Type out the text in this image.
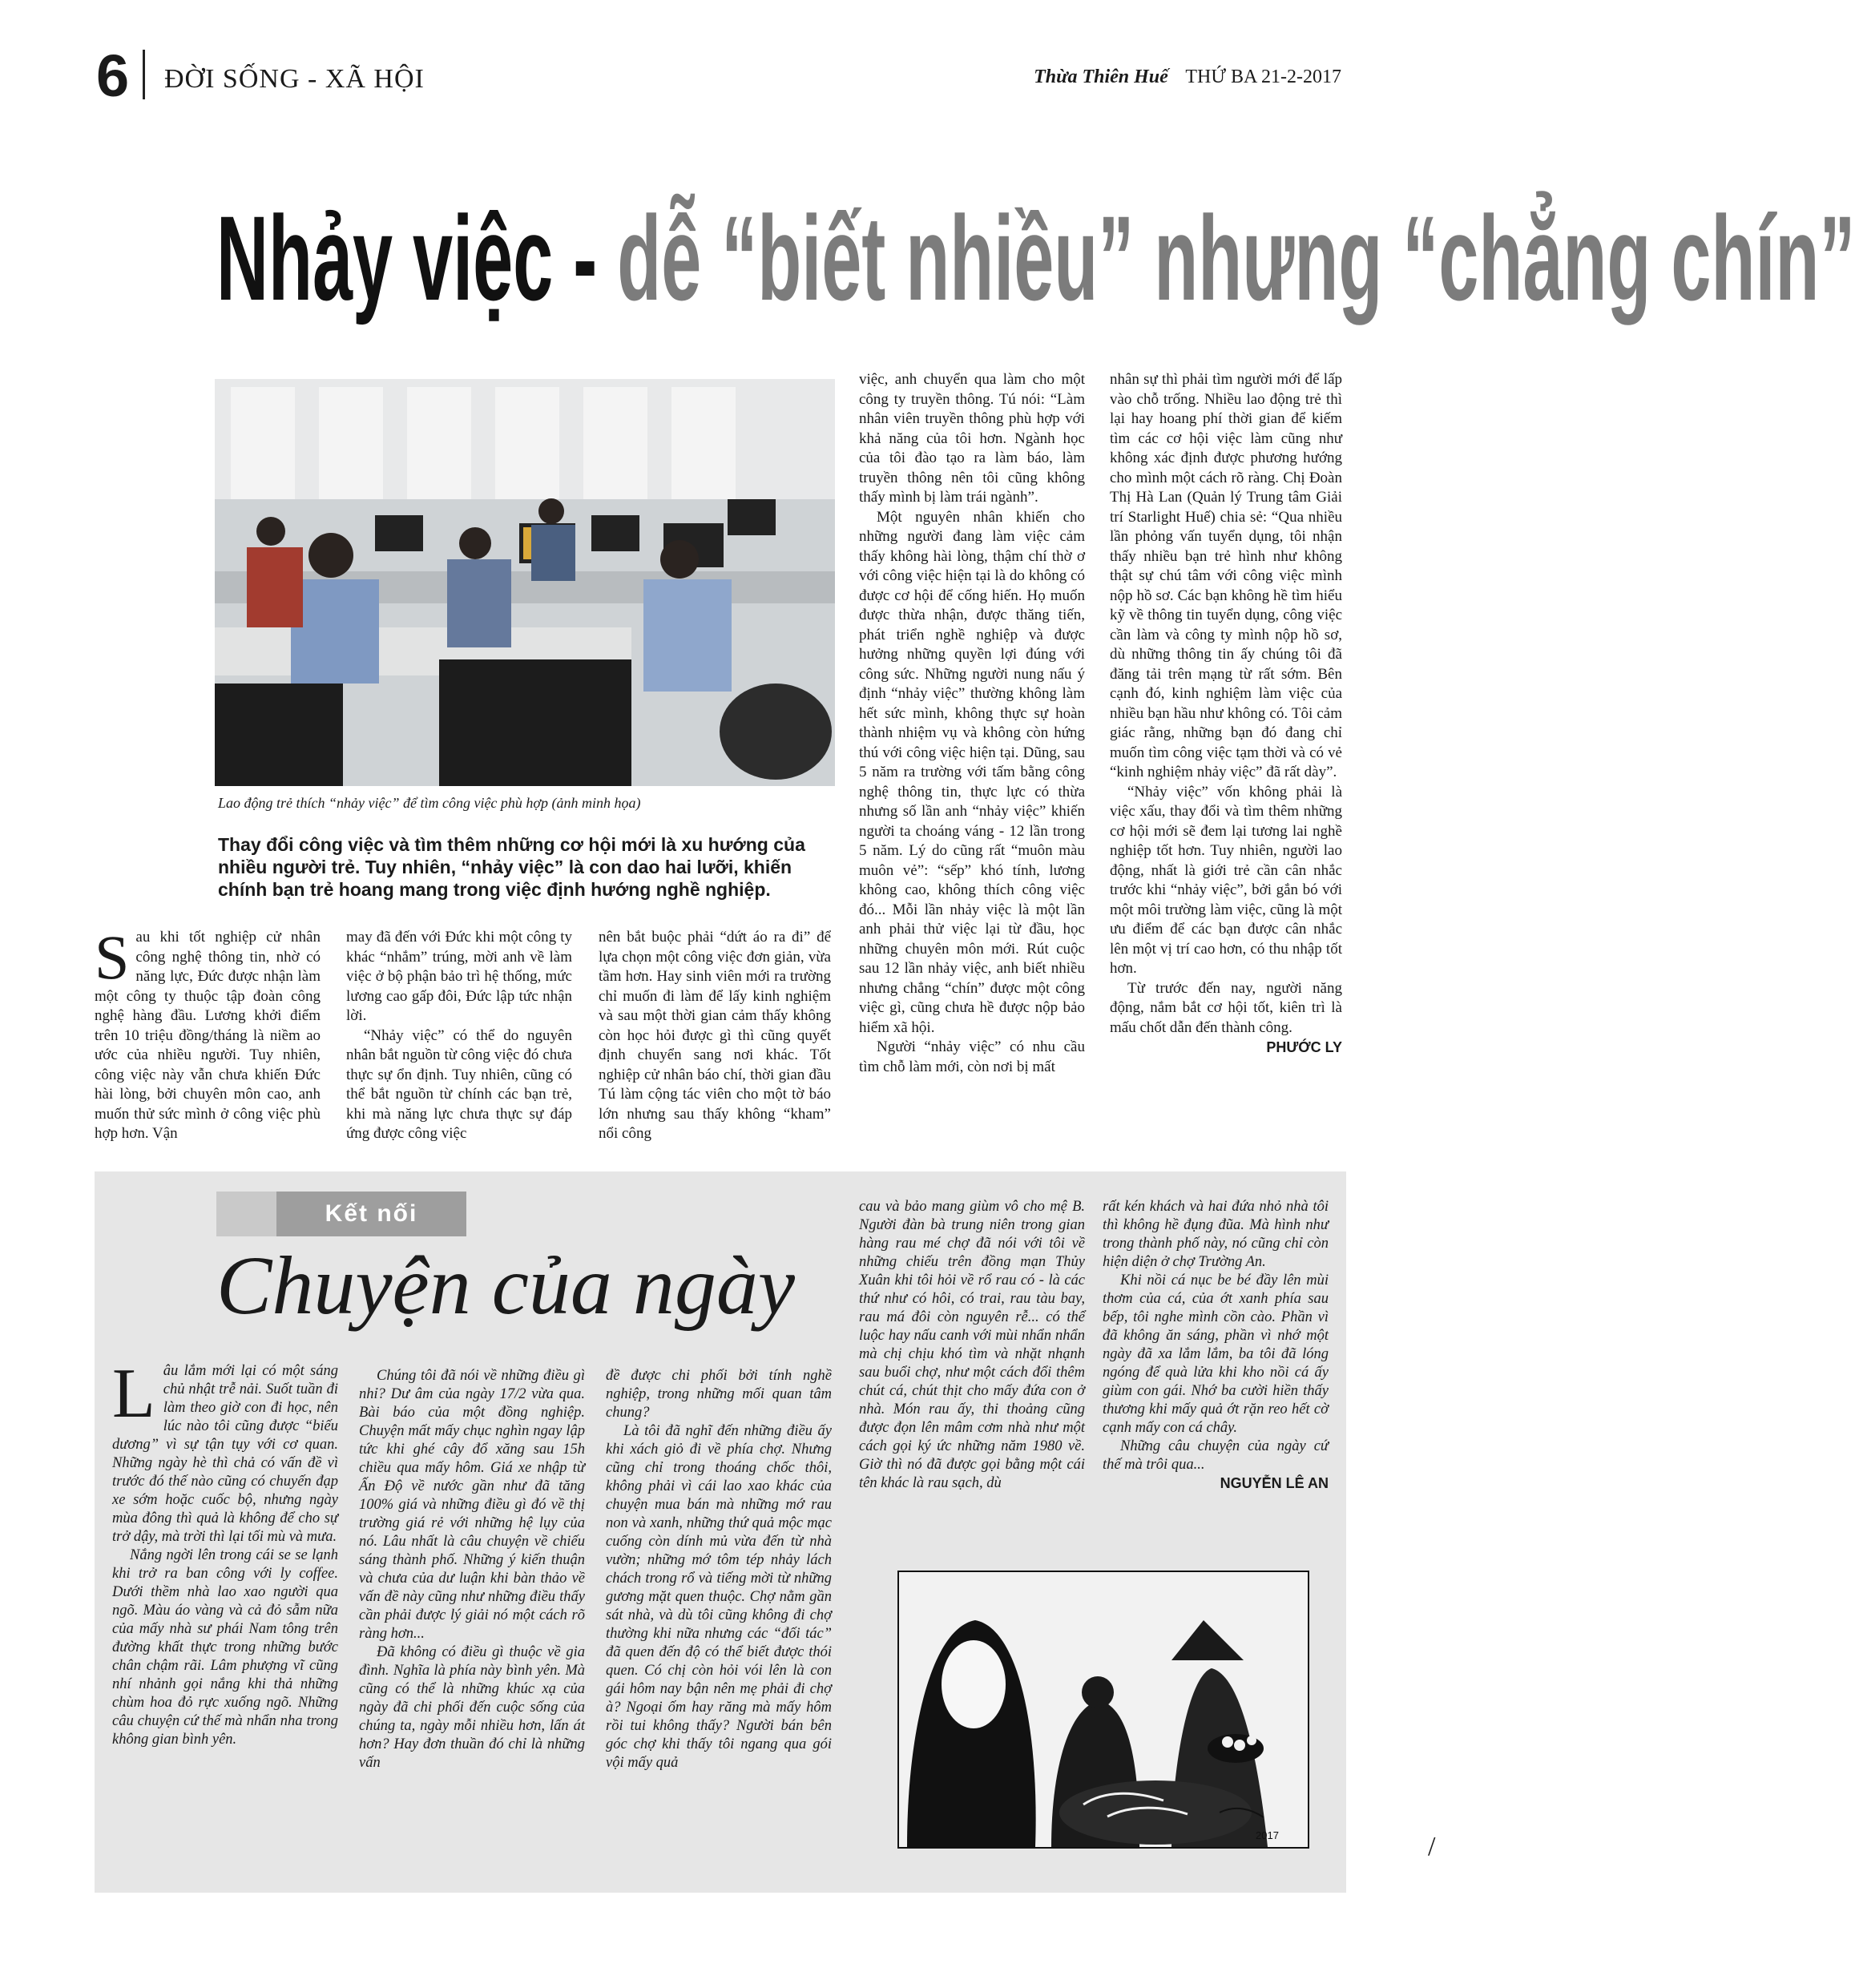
6 ĐỜI SỐNG - XÃ HỘI	Thừa Thiên Huế THỨ BA 21-2-2017
Nhảy việc - dễ “biết nhiều” nhưng “chẳng chín”
Lao động trẻ thích “nhảy việc” để tìm công việc phù hợp (ảnh minh họa)
Thay đổi công việc và tìm thêm những cơ hội mới là xu hướng của nhiều người trẻ. Tuy nhiên, “nhảy việc” là con dao hai lưỡi, khiến chính bạn trẻ hoang mang trong việc định hướng nghề nghiệp.

Sau khi tốt nghiệp cử nhân công nghệ thông tin, nhờ có năng lực, Đức được nhận làm một công ty thuộc tập đoàn công nghệ hàng đầu. Lương khởi điểm trên 10 triệu đồng/tháng là niềm ao ước của nhiều người. Tuy nhiên, công việc này vẫn chưa khiến Đức hài lòng, bởi chuyên môn cao, anh muốn thử sức mình ở công việc phù hợp hơn. Vận

may đã đến với Đức khi một công ty khác “nhắm” trúng, mời anh về làm việc ở bộ phận bảo trì hệ thống, mức lương cao gấp đôi, Đức lập tức nhận lời.

“Nhảy việc” có thể do nguyên nhân bắt nguồn từ công việc đó chưa thực sự ổn định. Tuy nhiên, cũng có thể bắt nguồn từ chính các bạn trẻ, khi mà năng lực chưa thực sự đáp ứng được công việc

nên bắt buộc phải “dứt áo ra đi” để lựa chọn một công việc đơn giản, vừa tầm hơn. Hay sinh viên mới ra trường chỉ muốn đi làm để lấy kinh nghiệm và sau một thời gian cảm thấy không còn học hỏi được gì thì cũng quyết định chuyển sang nơi khác. Tốt nghiệp cử nhân báo chí, thời gian đầu Tú làm cộng tác viên cho một tờ báo lớn nhưng sau thấy không “kham” nổi công

việc, anh chuyển qua làm cho một công ty truyền thông. Tú nói: “Làm nhân viên truyền thông phù hợp với khả năng của tôi hơn. Ngành học của tôi đào tạo ra làm báo, làm truyền thông nên tôi cũng không thấy mình bị làm trái ngành”.

Một nguyên nhân khiến cho những người đang làm việc cảm thấy không hài lòng, thậm chí thờ ơ với công việc hiện tại là do không có được cơ hội để cống hiến. Họ muốn được thừa nhận, được thăng tiến, phát triển nghề nghiệp và được hưởng những quyền lợi đúng với công sức. Những người nung nấu ý định “nhảy việc” thường không làm hết sức mình, không thực sự hoàn thành nhiệm vụ và không còn hứng thú với công việc hiện tại. Dũng, sau 5 năm ra trường với tấm bằng công nghệ thông tin, thực lực có thừa nhưng số lần anh “nhảy việc” khiến người ta choáng váng - 12 lần trong 5 năm. Lý do cũng rất “muôn màu muôn vẻ”: “sếp” khó tính, lương không cao, không thích công việc đó... Mỗi lần nhảy việc là một lần anh phải thử việc lại từ đầu, học những chuyên môn mới. Rút cuộc sau 12 lần nhảy việc, anh biết nhiều nhưng chẳng “chín” được một công việc gì, cũng chưa hề được nộp bảo hiểm xã hội.

Người “nhảy việc” có nhu cầu tìm chỗ làm mới, còn nơi bị mất

nhân sự thì phải tìm người mới để lấp vào chỗ trống. Nhiều lao động trẻ thì lại hay hoang phí thời gian để kiếm tìm các cơ hội việc làm cũng như không xác định được phương hướng cho mình một cách rõ ràng. Chị Đoàn Thị Hà Lan (Quản lý Trung tâm Giải trí Starlight Huế) chia sẻ: “Qua nhiều lần phỏng vấn tuyển dụng, tôi nhận thấy nhiều bạn trẻ hình như không thật sự chú tâm với công việc mình nộp hồ sơ. Các bạn không hề tìm hiểu kỹ về thông tin tuyển dụng, công việc cần làm và công ty mình nộp hồ sơ, dù những thông tin ấy chúng tôi đã đăng tải trên mạng từ rất sớm. Bên cạnh đó, kinh nghiệm làm việc của nhiều bạn hầu như không có. Tôi cảm giác rằng, những bạn đó đang chỉ muốn tìm công việc tạm thời và có vẻ “kinh nghiệm nhảy việc” đã rất dày”.

“Nhảy việc” vốn không phải là việc xấu, thay đổi và tìm thêm những cơ hội mới sẽ đem lại tương lai nghề nghiệp tốt hơn. Tuy nhiên, người lao động, nhất là giới trẻ cần cân nhắc trước khi “nhảy việc”, bởi gắn bó với một môi trường làm việc, cũng là một ưu điểm để các bạn được cân nhắc lên một vị trí cao hơn, có thu nhập tốt hơn.

Từ trước đến nay, người năng động, nắm bắt cơ hội tốt, kiên trì là mấu chốt dẫn đến thành công.

PHƯỚC LY
Kết nối
Chuyện của ngày

Lâu lắm mới lại có một sáng chủ nhật trễ nải. Suốt tuần đi làm theo giờ con đi học, nên lúc nào tôi cũng được “biếu dương” vì sự tận tụy với cơ quan. Những ngày hè thì chả có vấn đề vì trước đó thế nào cũng có chuyến đạp xe sớm hoặc cuốc bộ, nhưng ngày mùa đông thì quả là không để cho sự trở dậy, mà trời thì lại tối mù và mưa.

Nắng ngời lên trong cái se se lạnh khi trở ra ban công với ly coffee. Dưới thềm nhà lao xao người qua ngõ. Màu áo vàng và cả đỏ sẫm nữa của mấy nhà sư phái Nam tông trên đường khất thực trong những bước chân chậm rãi. Lâm phượng vĩ cũng nhí nhảnh gọi nắng khi thả những chùm hoa đỏ rực xuống ngõ. Những câu chuyện cứ thế mà nhẩn nha trong không gian bình yên.

Chúng tôi đã nói về những điều gì nhỉ? Dư âm của ngày 17/2 vừa qua. Bài báo của một đồng nghiệp. Chuyện mất mấy chục nghìn ngay lập tức khi ghé cây đổ xăng sau 15h chiều qua mấy hôm. Giá xe nhập từ Ấn Độ về nước gần như đã tăng 100% giá và những điều gì đó về thị trường giá rẻ với những hệ lụy của nó. Lâu nhất là câu chuyện về chiếu sáng thành phố. Những ý kiến thuận và chưa của dư luận khi bàn thảo về vấn đề này cũng như những điều thấy cần phải được lý giải nó một cách rõ ràng hơn...

Đã không có điều gì thuộc về gia đình. Nghĩa là phía này bình yên. Mà cũng có thể là những khúc xạ của ngày đã chi phối đến cuộc sống của chúng ta, ngày mỗi nhiều hơn, lấn át hơn? Hay đơn thuần đó chỉ là những vấn

đề được chi phối bởi tính nghề nghiệp, trong những mối quan tâm chung?

Là tôi đã nghĩ đến những điều ấy khi xách giỏ đi về phía chợ. Nhưng cũng chỉ trong thoáng chốc thôi, không phải vì cái lao xao khác của chuyện mua bán mà những mớ rau non và xanh, những thứ quả mộc mạc cuống còn dính mủ vừa đến từ nhà vườn; những mớ tôm tép nhảy lách chách trong rổ và tiếng mời từ những gương mặt quen thuộc. Chợ nằm gần sát nhà, và dù tôi cũng không đi chợ thường khi nữa nhưng các “đối tác” đã quen đến độ có thể biết được thói quen. Có chị còn hỏi vói lên là con gái hôm nay bận nên mẹ phải đi chợ à? Ngoại ốm hay răng mà mấy hôm rồi tui không thấy? Người bán bên góc chợ khi thấy tôi ngang qua gói vội mấy quả

cau và bảo mang giùm vô cho mệ B. Người đàn bà trung niên trong gian hàng rau mé chợ đã nói với tôi về những chiếu trên đồng mạn Thủy Xuân khi tôi hỏi về rổ rau có - là các thứ như có hôi, có trai, rau tàu bay, rau má đôi còn nguyên rễ... có thể luộc hay nấu canh với mùi nhẩn nhẩn mà chị chịu khó tìm và nhặt nhạnh sau buổi chợ, như một cách đổi thêm chút cá, chút thịt cho mấy đứa con ở nhà. Món rau ấy, thi thoảng cũng được đọn lên mâm cơm nhà như một cách gọi ký ức những năm 1980 về. Giờ thì nó đã được gọi bằng một cái tên khác là rau sạch, dù

rất kén khách và hai đứa nhỏ nhà tôi thì không hề đụng đũa. Mà hình như trong thành phố này, nó cũng chỉ còn hiện diện ở chợ Trường An.

Khi nồi cá nục be bé đầy lên mùi thơm của cá, của ớt xanh phía sau bếp, tôi nghe mình cồn cào. Phần vì đã không ăn sáng, phần vì nhớ một ngày đã xa lắm lắm, ba tôi đã lóng ngóng để quà lửa khi kho nồi cá ấy giùm con gái. Nhớ ba cười hiền thấy thương khi mấy quả ớt rặn reo hết cờ cạnh mấy con cá chây.

Những câu chuyện của ngày cứ thế mà trôi qua...

NGUYỄN LÊ AN
2017	/
